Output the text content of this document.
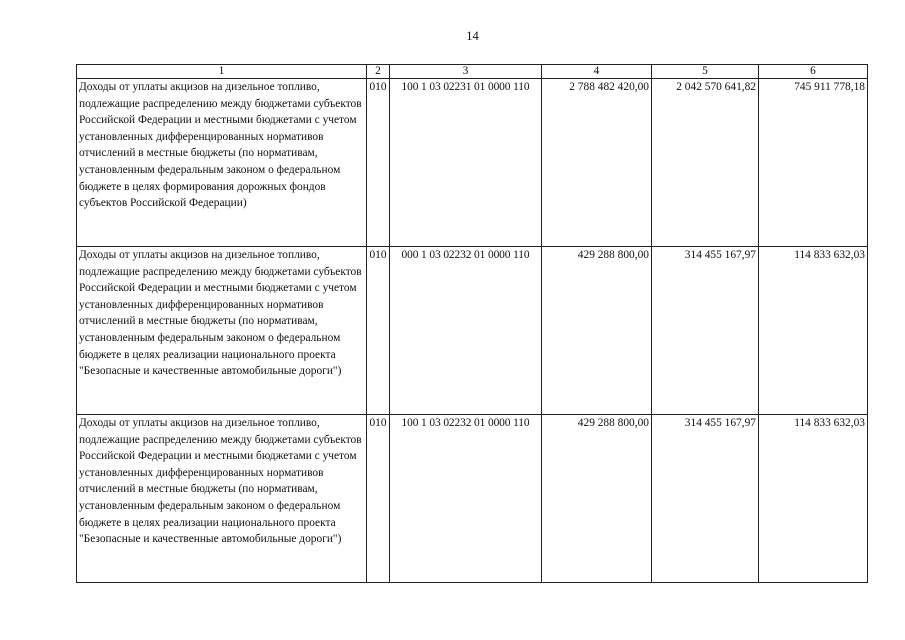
14
1	2	3	4	5	6
Доходы от уплаты акцизов на дизельное топливо, подлежащие распределению между бюджетами субъектов Российской Федерации и местными бюджетами с учетом установленных дифференцированных нормативов отчислений в местные бюджеты (по нормативам, установленным федеральным законом о федеральном бюджете в целях формирования дорожных фондов субъектов Российской Федерации)	010	100 1 03 02231 01 0000 110	2 788 482 420,00	2 042 570 641,82	745 911 778,18
Доходы от уплаты акцизов на дизельное топливо, подлежащие распределению между бюджетами субъектов Российской Федерации и местными бюджетами с учетом установленных дифференцированных нормативов отчислений в местные бюджеты (по нормативам, установленным федеральным законом о федеральном бюджете в целях реализации национального проекта "Безопасные и качественные автомобильные дороги")	010	000 1 03 02232 01 0000 110	429 288 800,00	314 455 167,97	114 833 632,03
Доходы от уплаты акцизов на дизельное топливо, подлежащие распределению между бюджетами субъектов Российской Федерации и местными бюджетами с учетом установленных дифференцированных нормативов отчислений в местные бюджеты (по нормативам, установленным федеральным законом о федеральном бюджете в целях реализации национального проекта "Безопасные и качественные автомобильные дороги")	010	100 1 03 02232 01 0000 110	429 288 800,00	314 455 167,97	114 833 632,03
